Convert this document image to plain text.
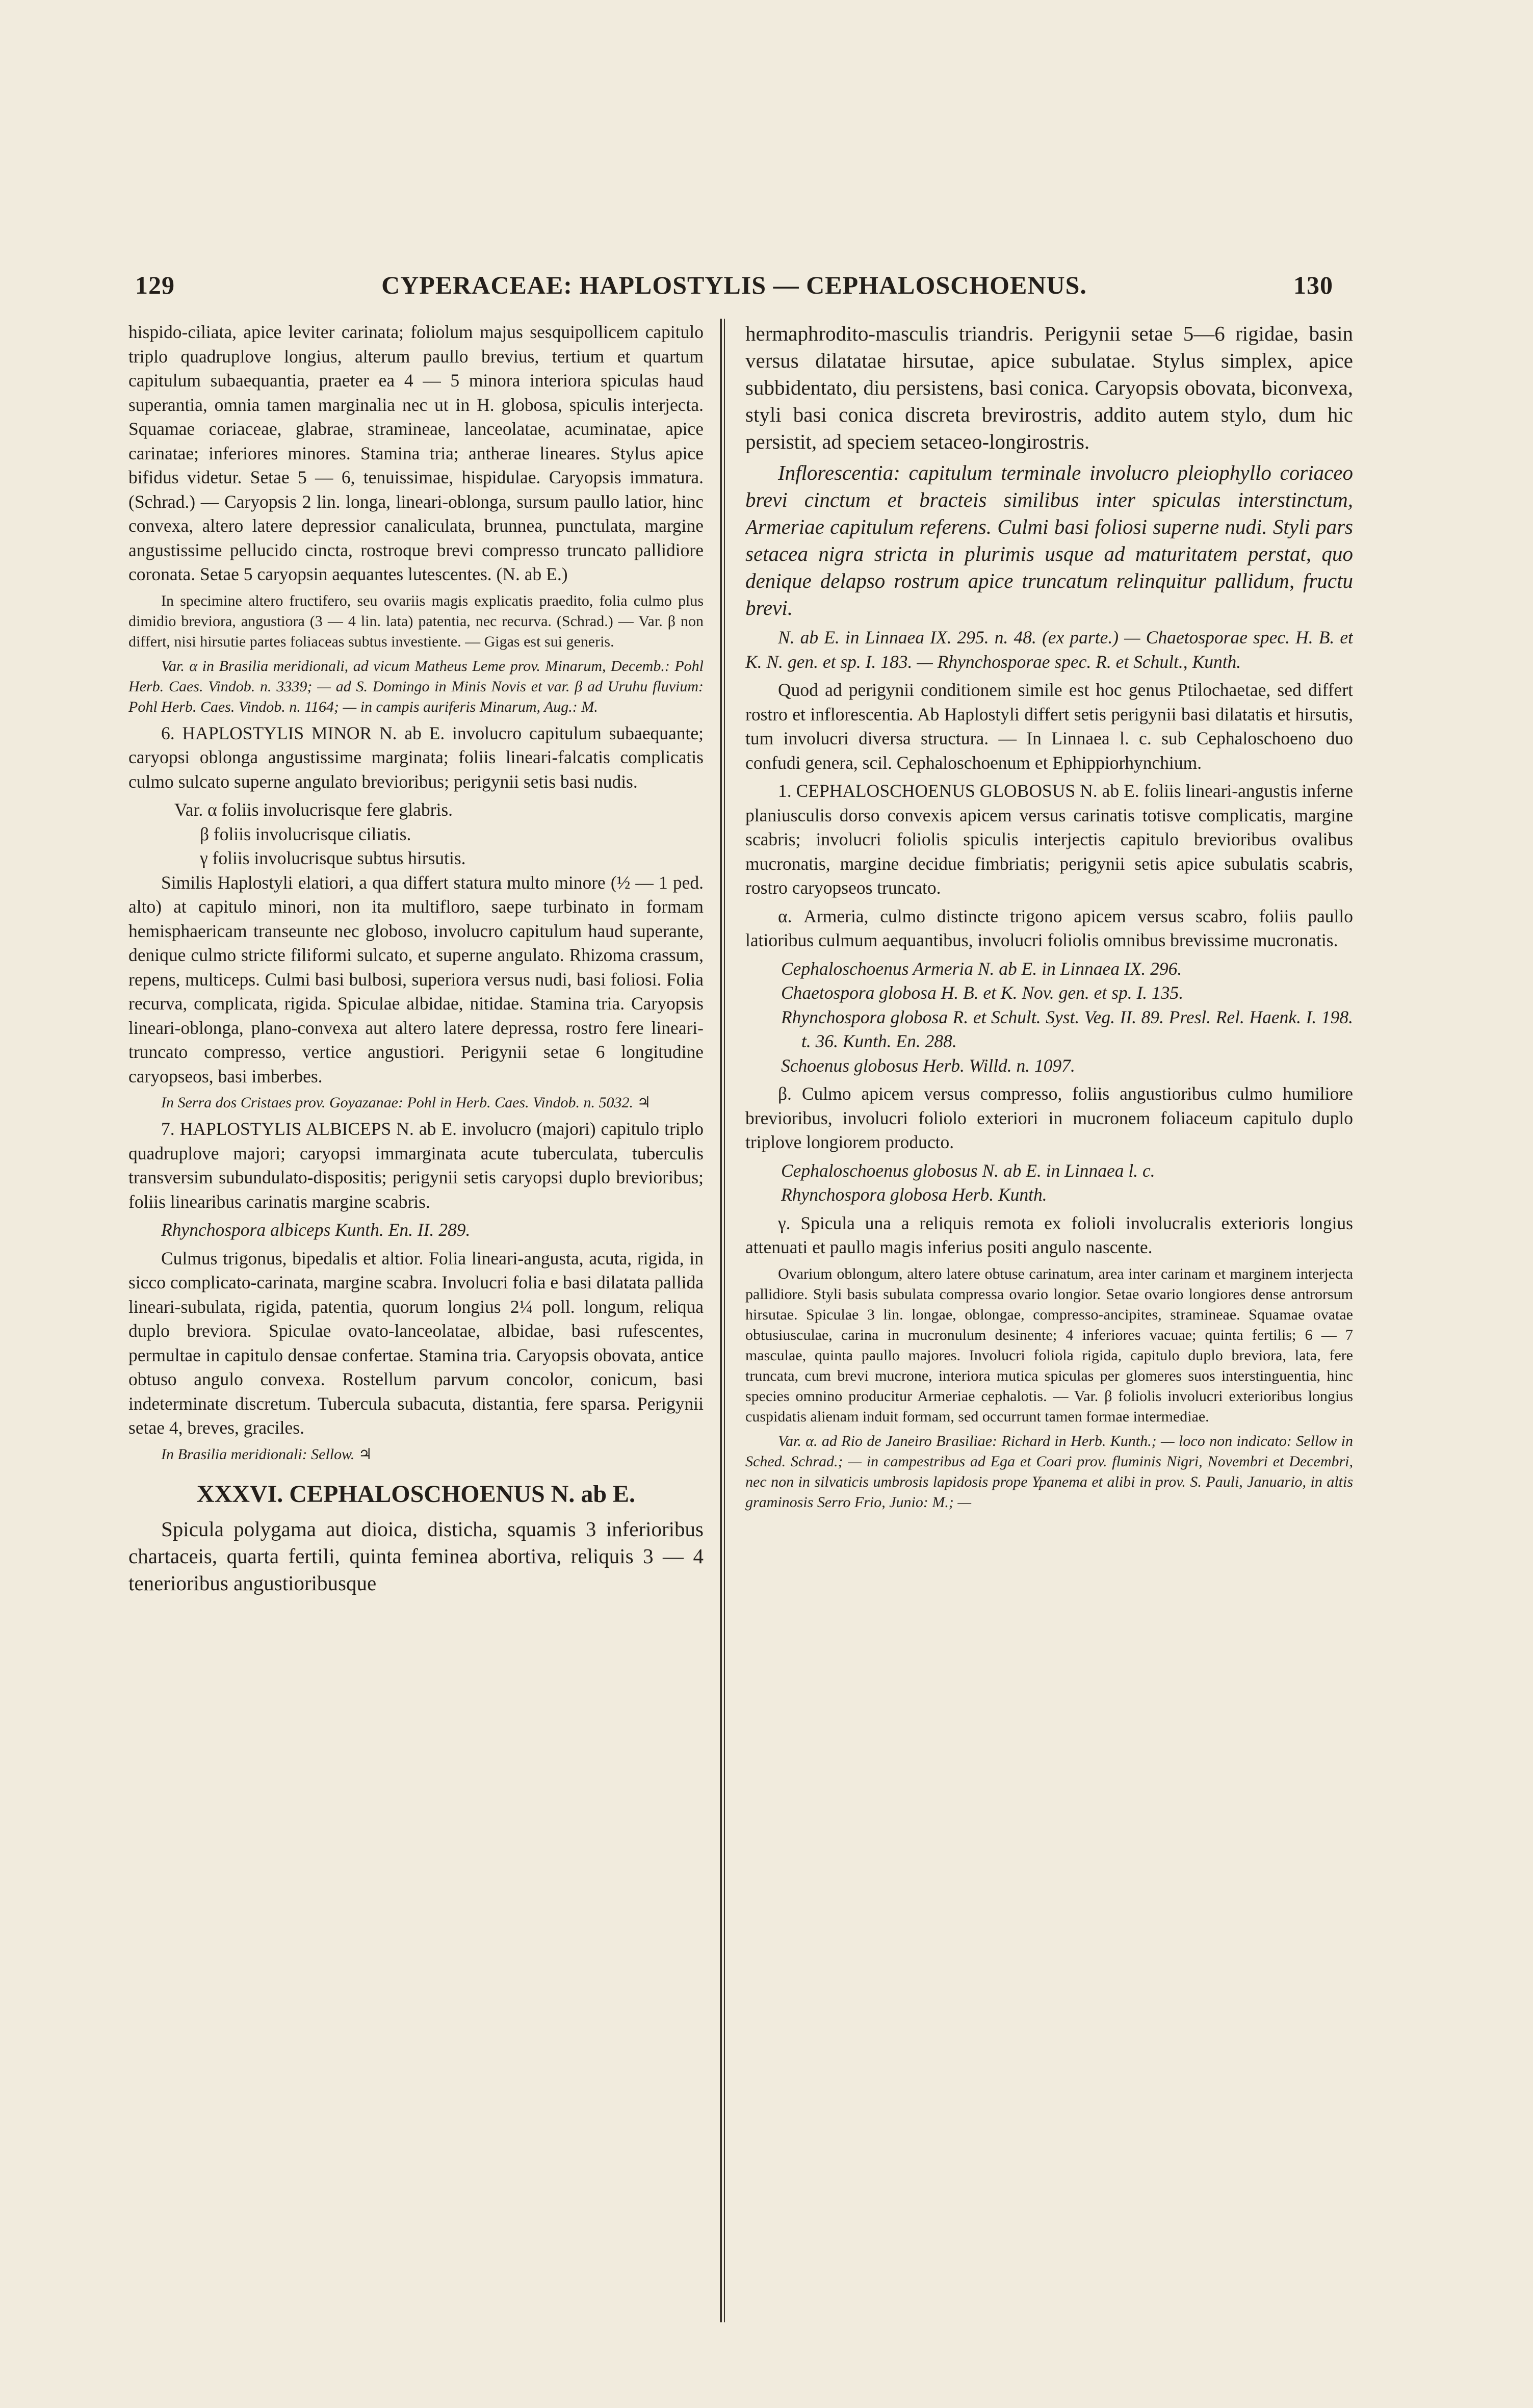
129	CYPERACEAE: HAPLOSTYLIS — CEPHALOSCHOENUS.	130

hispido-ciliata, apice leviter carinata; foliolum majus sesquipollicem capitulo triplo quadruplove longius, alterum paullo brevius, tertium et quartum capitulum subaequantia, praeter ea 4 — 5 minora interiora spiculas haud superantia, omnia tamen marginalia nec ut in H. globosa, spiculis interjecta. Squamae coriaceae, glabrae, stramineae, lanceolatae, acuminatae, apice carinatae; inferiores minores. Stamina tria; antherae lineares. Stylus apice bifidus videtur. Setae 5 — 6, tenuissimae, hispidulae. Caryopsis immatura. (Schrad.) — Caryopsis 2 lin. longa, lineari-oblonga, sursum paullo latior, hinc convexa, altero latere depressior canaliculata, brunnea, punctulata, margine angustissime pellucido cincta, rostroque brevi compresso truncato pallidiore coronata. Setae 5 caryopsin aequantes lutescentes. (N. ab E.)

In specimine altero fructifero, seu ovariis magis explicatis praedito, folia culmo plus dimidio breviora, angustiora (3 — 4 lin. lata) patentia, nec recurva. (Schrad.) — Var. β non differt, nisi hirsutie partes foliaceas subtus investiente. — Gigas est sui generis.

Var. α in Brasilia meridionali, ad vicum Matheus Leme prov. Minarum, Decemb.: Pohl Herb. Caes. Vindob. n. 3339; — ad S. Domingo in Minis Novis et var. β ad Uruhu fluvium: Pohl Herb. Caes. Vindob. n. 1164; — in campis auriferis Minarum, Aug.: M.

6. HAPLOSTYLIS MINOR N. ab E. involucro capitulum subaequante; caryopsi oblonga angustissime marginata; foliis lineari-falcatis complicatis culmo sulcato superne angulato brevioribus; perigynii setis basi nudis.

Var. α foliis involucrisque fere glabris.

β foliis involucrisque ciliatis.

γ foliis involucrisque subtus hirsutis.

Similis Haplostyli elatiori, a qua differt statura multo minore (½ — 1 ped. alto) at capitulo minori, non ita multifloro, saepe turbinato in formam hemisphaericam transeunte nec globoso, involucro capitulum haud superante, denique culmo stricte filiformi sulcato, et superne angulato. Rhizoma crassum, repens, multiceps. Culmi basi bulbosi, superiora versus nudi, basi foliosi. Folia recurva, complicata, rigida. Spiculae albidae, nitidae. Stamina tria. Caryopsis lineari-oblonga, plano-convexa aut altero latere depressa, rostro fere lineari-truncato compresso, vertice angustiori. Perigynii setae 6 longitudine caryopseos, basi imberbes.

In Serra dos Cristaes prov. Goyazanae: Pohl in Herb. Caes. Vindob. n. 5032. ♃

7. HAPLOSTYLIS ALBICEPS N. ab E. involucro (majori) capitulo triplo quadruplove majori; caryopsi immarginata acute tuberculata, tuberculis transversim subundulato-dispositis; perigynii setis caryopsi duplo brevioribus; foliis linearibus carinatis margine scabris.

Rhynchospora albiceps Kunth. En. II. 289.

Culmus trigonus, bipedalis et altior. Folia lineari-angusta, acuta, rigida, in sicco complicato-carinata, margine scabra. Involucri folia e basi dilatata pallida lineari-subulata, rigida, patentia, quorum longius 2¼ poll. longum, reliqua duplo breviora. Spiculae ovato-lanceolatae, albidae, basi rufescentes, permultae in capitulo densae confertae. Stamina tria. Caryopsis obovata, antice obtuso angulo convexa. Rostellum parvum concolor, conicum, basi indeterminate discretum. Tubercula subacuta, distantia, fere sparsa. Perigynii setae 4, breves, graciles.

In Brasilia meridionali: Sellow. ♃

XXXVI. CEPHALOSCHOENUS N. ab E.

Spicula polygama aut dioica, disticha, squamis 3 inferioribus chartaceis, quarta fertili, quinta feminea abortiva, reliquis 3 — 4 tenerioribus angustioribusque

hermaphrodito-masculis triandris. Perigynii setae 5—6 rigidae, basin versus dilatatae hirsutae, apice subulatae. Stylus simplex, apice subbidentato, diu persistens, basi conica. Caryopsis obovata, biconvexa, styli basi conica discreta brevirostris, addito autem stylo, dum hic persistit, ad speciem setaceo-longirostris.

Inflorescentia: capitulum terminale involucro pleiophyllo coriaceo brevi cinctum et bracteis similibus inter spiculas interstinctum, Armeriae capitulum referens. Culmi basi foliosi superne nudi. Styli pars setacea nigra stricta in plurimis usque ad maturitatem perstat, quo denique delapso rostrum apice truncatum relinquitur pallidum, fructu brevi.

N. ab E. in Linnaea IX. 295. n. 48. (ex parte.) — Chaetosporae spec. H. B. et K. N. gen. et sp. I. 183. — Rhynchosporae spec. R. et Schult., Kunth.

Quod ad perigynii conditionem simile est hoc genus Ptilochaetae, sed differt rostro et inflorescentia. Ab Haplostyli differt setis perigynii basi dilatatis et hirsutis, tum involucri diversa structura. — In Linnaea l. c. sub Cephaloschoeno duo confudi genera, scil. Cephaloschoenum et Ephippiorhynchium.

1. CEPHALOSCHOENUS GLOBOSUS N. ab E. foliis lineari-angustis inferne planiusculis dorso convexis apicem versus carinatis totisve complicatis, margine scabris; involucri foliolis spiculis interjectis capitulo brevioribus ovalibus mucronatis, margine decidue fimbriatis; perigynii setis apice subulatis scabris, rostro caryopseos truncato.

α. Armeria, culmo distincte trigono apicem versus scabro, foliis paullo latioribus culmum aequantibus, involucri foliolis omnibus brevissime mucronatis.

Cephaloschoenus Armeria N. ab E. in Linnaea IX. 296.

Chaetospora globosa H. B. et K. Nov. gen. et sp. I. 135.

Rhynchospora globosa R. et Schult. Syst. Veg. II. 89. Presl. Rel. Haenk. I. 198. t. 36. Kunth. En. 288.

Schoenus globosus Herb. Willd. n. 1097.

β. Culmo apicem versus compresso, foliis angustioribus culmo humiliore brevioribus, involucri foliolo exteriori in mucronem foliaceum capitulo duplo triplove longiorem producto.

Cephaloschoenus globosus N. ab E. in Linnaea l. c.

Rhynchospora globosa Herb. Kunth.

γ. Spicula una a reliquis remota ex folioli involucralis exterioris longius attenuati et paullo magis inferius positi angulo nascente.

Ovarium oblongum, altero latere obtuse carinatum, area inter carinam et marginem interjecta pallidiore. Styli basis subulata compressa ovario longior. Setae ovario longiores dense antrorsum hirsutae. Spiculae 3 lin. longae, oblongae, compresso-ancipites, stramineae. Squamae ovatae obtusiusculae, carina in mucronulum desinente; 4 inferiores vacuae; quinta fertilis; 6 — 7 masculae, quinta paullo majores. Involucri foliola rigida, capitulo duplo breviora, lata, fere truncata, cum brevi mucrone, interiora mutica spiculas per glomeres suos interstinguentia, hinc species omnino producitur Armeriae cephalotis. — Var. β foliolis involucri exterioribus longius cuspidatis alienam induit formam, sed occurrunt tamen formae intermediae.

Var. α. ad Rio de Janeiro Brasiliae: Richard in Herb. Kunth.; — loco non indicato: Sellow in Sched. Schrad.; — in campestribus ad Ega et Coari prov. fluminis Nigri, Novembri et Decembri, nec non in silvaticis umbrosis lapidosis prope Ypanema et alibi in prov. S. Pauli, Januario, in altis graminosis Serro Frio, Junio: M.; —
